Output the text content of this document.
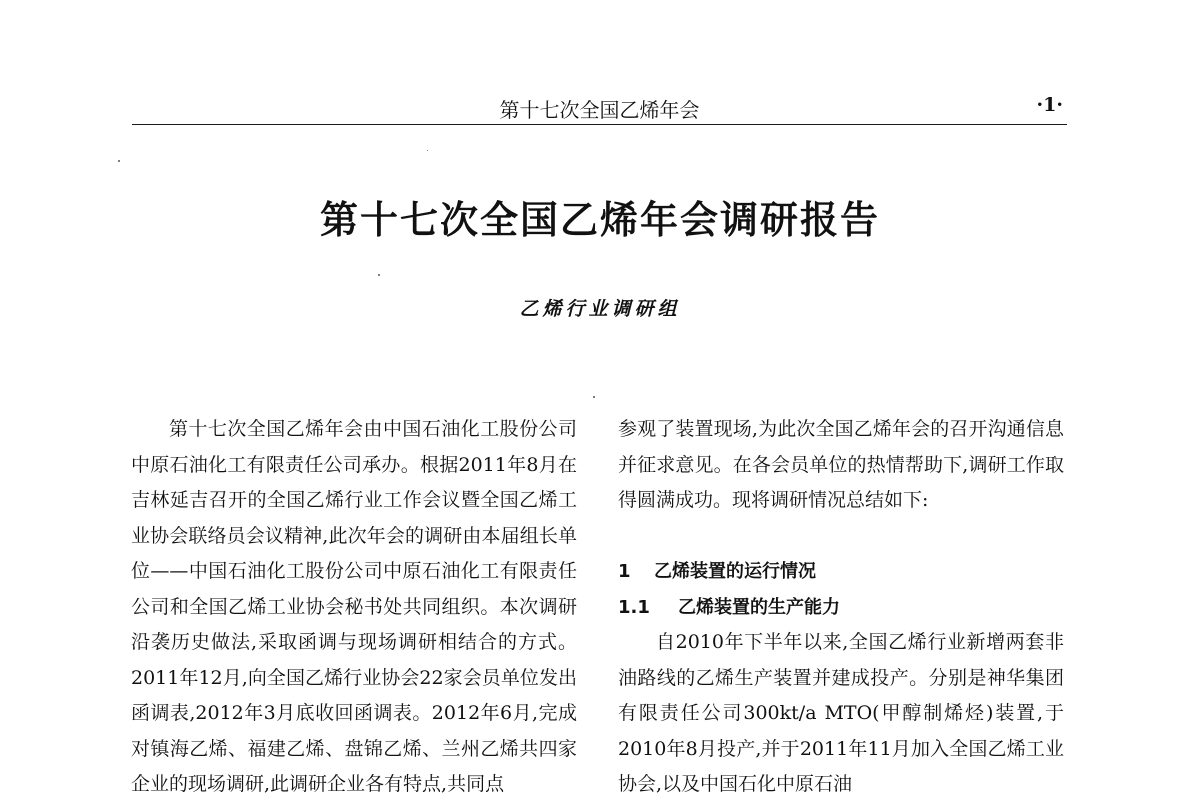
第十七次全国乙烯年会	·1·
第十七次全国乙烯年会调研报告
乙烯行业调研组

第十七次全国乙烯年会由中国石油化工股份公司中原石油化工有限责任公司承办。根据2011年8月在吉林延吉召开的全国乙烯行业工作会议暨全国乙烯工业协会联络员会议精神,此次年会的调研由本届组长单位——中国石油化工股份公司中原石油化工有限责任公司和全国乙烯工业协会秘书处共同组织。本次调研沿袭历史做法,采取函调与现场调研相结合的方式。2011年12月,向全国乙烯行业协会22家会员单位发出函调表,2012年3月底收回函调表。2012年6月,完成对镇海乙烯、福建乙烯、盘锦乙烯、兰州乙烯共四家企业的现场调研,此调研企业各有特点,共同点

参观了装置现场,为此次全国乙烯年会的召开沟通信息并征求意见。在各会员单位的热情帮助下,调研工作取得圆满成功。现将调研情况总结如下:

1 乙烯装置的运行情况

1.1 乙烯装置的生产能力

自2010年下半年以来,全国乙烯行业新增两套非油路线的乙烯生产装置并建成投产。分别是神华集团有限责任公司300kt/a MTO(甲醇制烯烃)装置,于2010年8月投产,并于2011年11月加入全国乙烯工业协会,以及中国石化中原石油
